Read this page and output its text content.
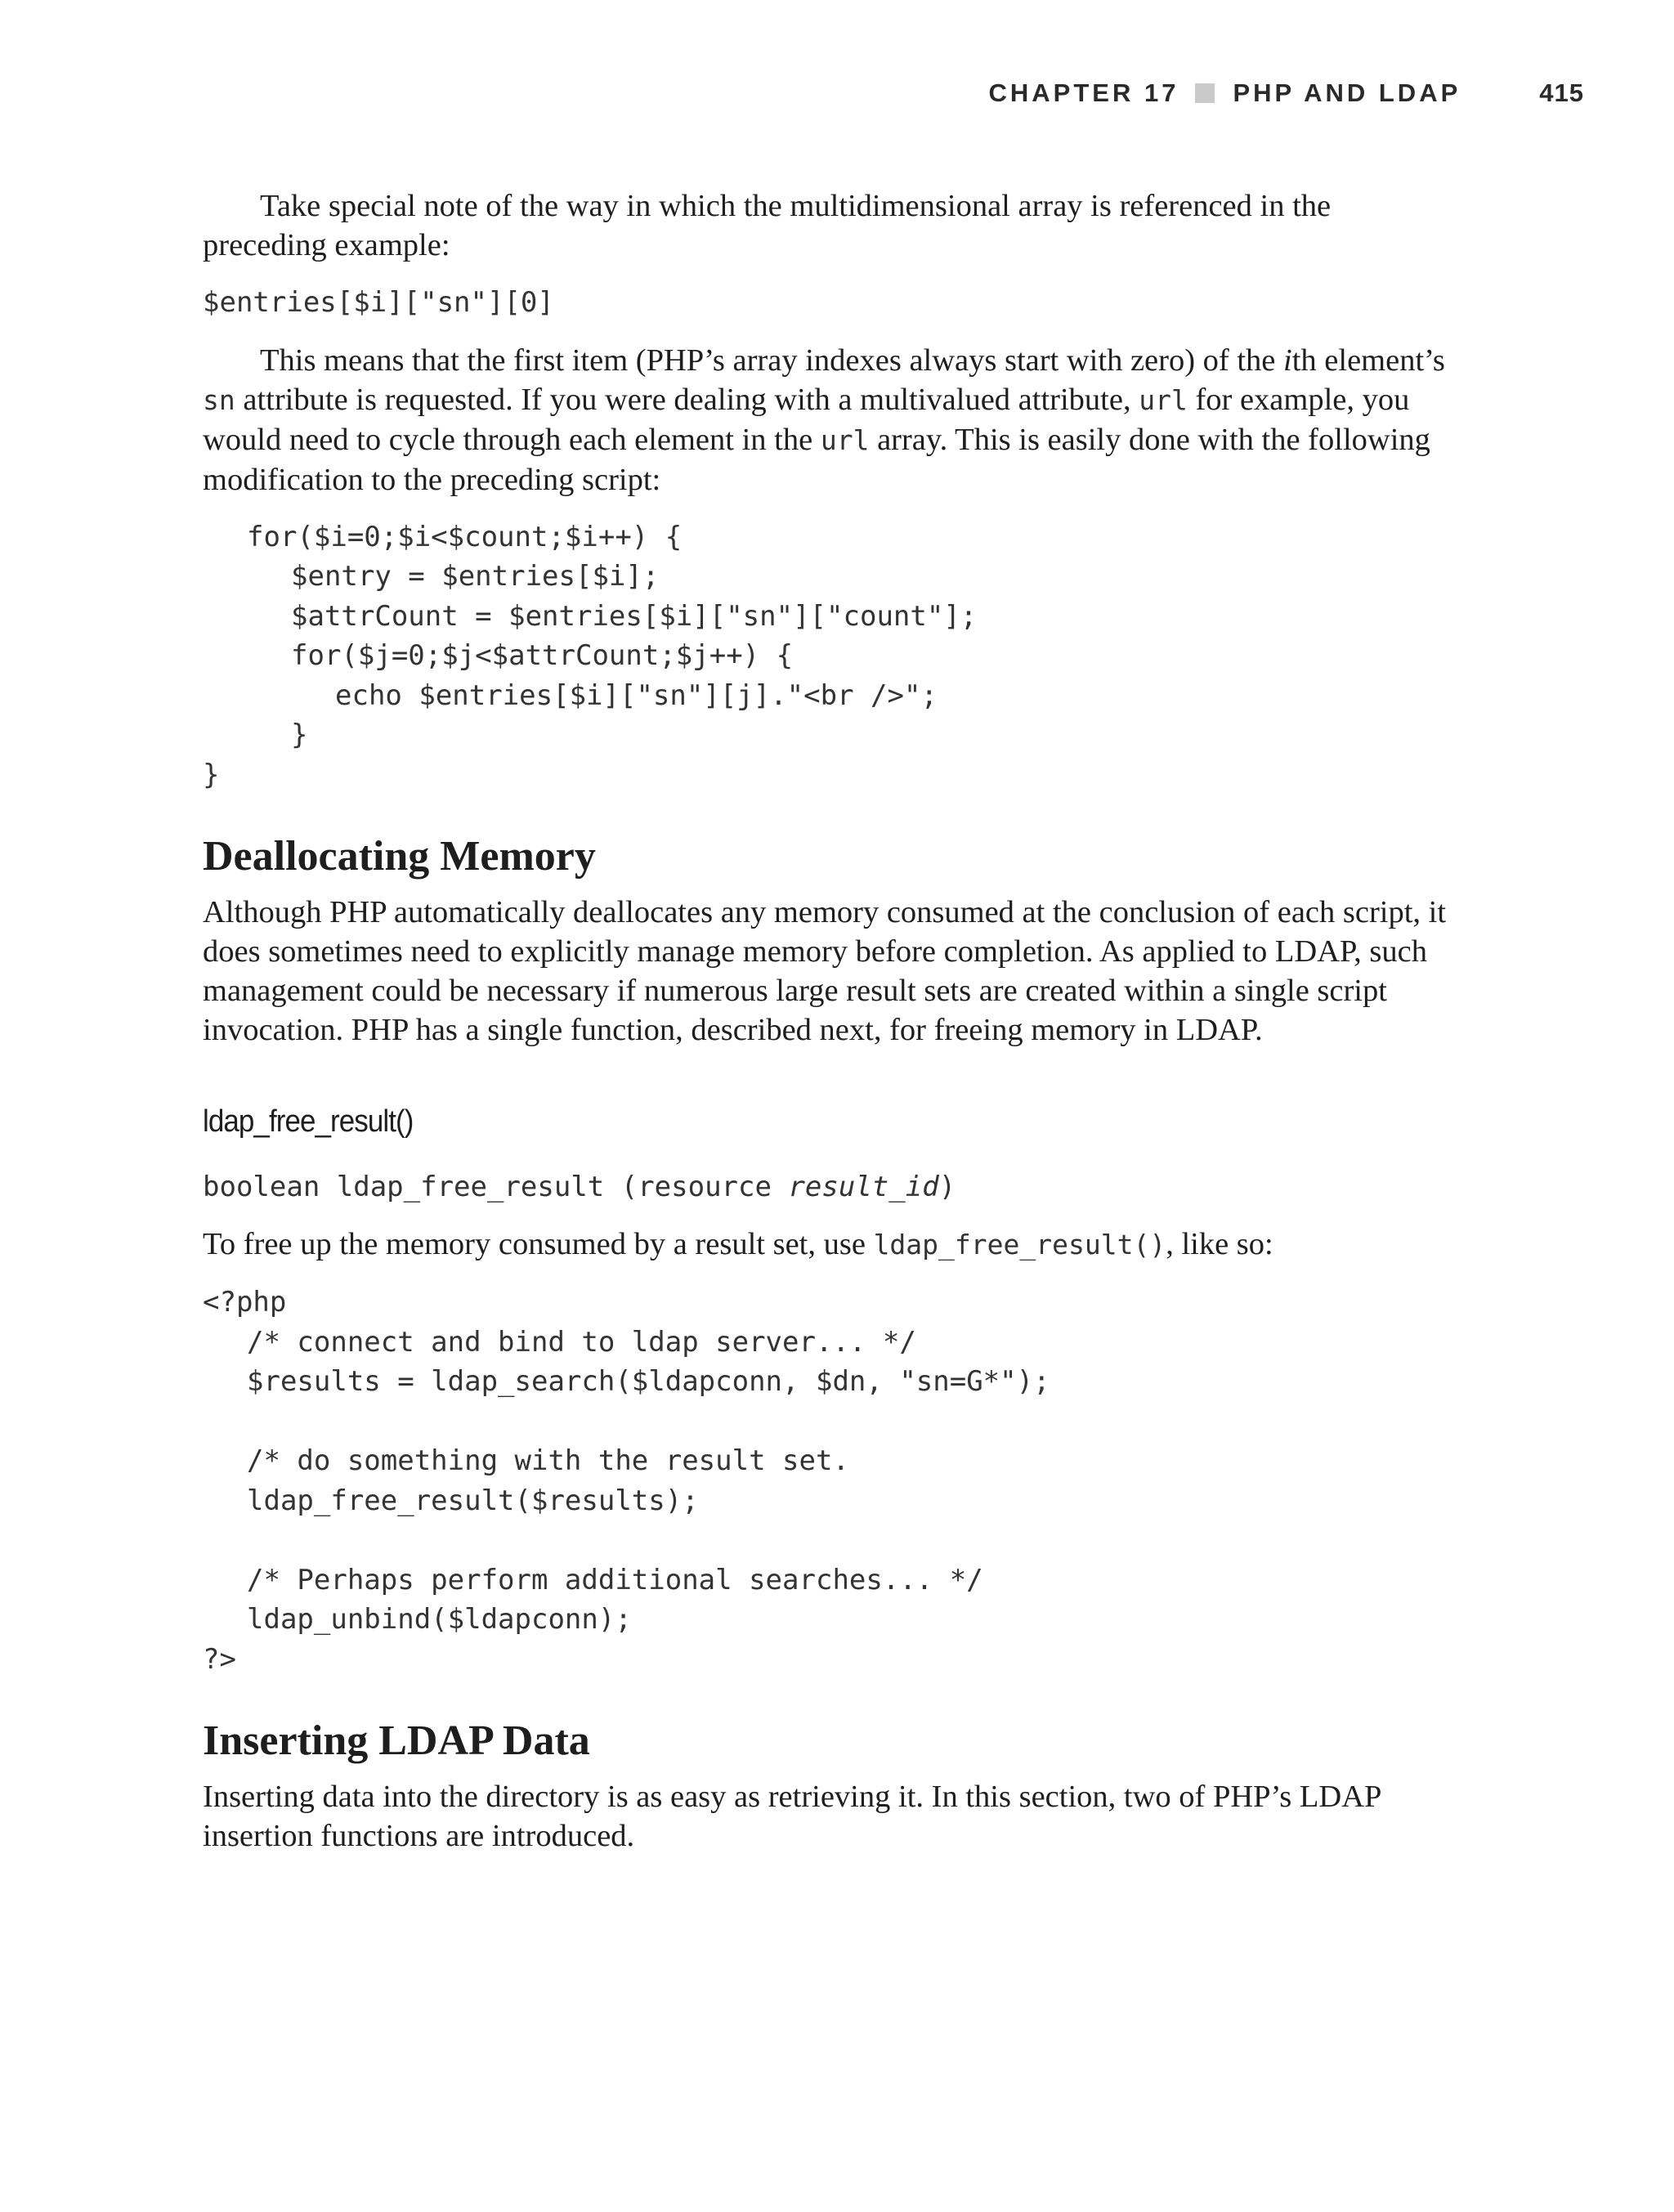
CHAPTER 17 PHP AND LDAP	415

Take special note of the way in which the multidimensional array is referenced in the preceding example:

$entries[$i]["sn"][0]

This means that the first item (PHP’s array indexes always start with zero) of the ith element’s sn attribute is requested. If you were dealing with a multivalued attribute, url for example, you would need to cycle through each element in the url array. This is easily done with the following modification to the preceding script:

for($i=0;$i<$count;$i++) {
$entry = $entries[$i];
$attrCount = $entries[$i]["sn"]["count"];
for($j=0;$j<$attrCount;$j++) {
echo $entries[$i]["sn"][j]."<br />";
}
}
Deallocating Memory

Although PHP automatically deallocates any memory consumed at the conclusion of each script, it does sometimes need to explicitly manage memory before completion. As applied to LDAP, such management could be necessary if numerous large result sets are created within a single script invocation. PHP has a single function, described next, for freeing memory in LDAP.

ldap_free_result()
boolean ldap_free_result (resource result_id)

To free up the memory consumed by a result set, use ldap_free_result(), like so:

<?php
/* connect and bind to ldap server... */
$results = ldap_search($ldapconn, $dn, "sn=G*");

/* do something with the result set.
ldap_free_result($results);

/* Perhaps perform additional searches... */
ldap_unbind($ldapconn);
?>
Inserting LDAP Data

Inserting data into the directory is as easy as retrieving it. In this section, two of PHP’s LDAP insertion functions are introduced.
